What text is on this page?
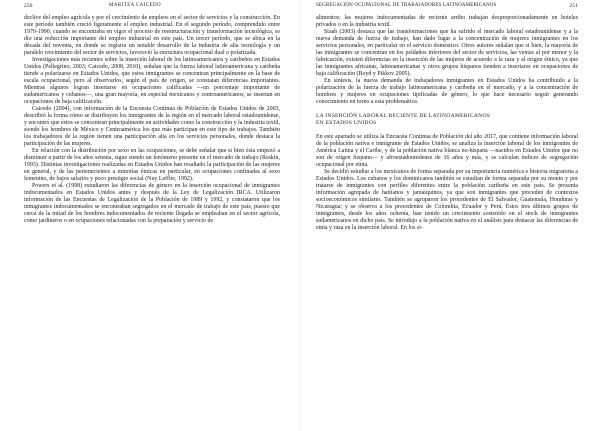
250	MARITZA CAICEDO

declive del empleo agrícola y por el crecimiento de empleos en el sector de servicios y la construcción. En este período también creció ligeramente el empleo industrial. En el segundo período, comprendido entre 1970-1990, cuando se encontraba en vigor el proceso de reestructuración y transformación tecnológica, se dio una reducción importante del empleo industrial en este país. Un tercer período, que se ubica en la década del noventa, en donde se registra un notable desarrollo de la industria de alta tecnología y un paralelo crecimiento del sector de servicios, favoreció la estructura ocupacional dual o polarizada.

Investigaciones más recientes sobre la inserción laboral de los latinoamericanos y caribeños en Estados Unidos (Pellegrino, 2003; Caicedo, 2008, 2010), señalan que la fuerza laboral latinoamericana y caribeña tiende a polarizarse en Estados Unidos, que estos inmigrantes se concentran principalmente en la base de escala ocupacional, pero al observarlos, según el país de origen, se constatan diferencias importantes. Mientras algunos logran insertarse en ocupaciones calificadas —un porcentaje importante de sudamericanos y cubanos—, una gran mayoría, en especial mexicanos y centroamericanos, se insertan en ocupaciones de baja calificación.

Caicedo (2004), con información de la Encuesta Continua de Población de Estados Unidos de 2003, describió la forma cómo se distribuyen los inmigrantes de la región en el mercado laboral estadounidense, y encontró que éstos se concentran principalmente en actividades como la construcción y la industria textil, siendo los hombres de México y Centroamérica los que más participan en este tipo de trabajos. También los trabajadores de la región tienen una participación alta en los servicios personales, donde destaca la participación de las mujeres.

En relación con la distribución por sexo en las ocupaciones, se debe señalar que si bien ésta empezó a disminuir a partir de los años setenta, sigue siendo un fenómeno presente en el mercado de trabajo (Reskin, 1993). Distintas investigaciones realizadas en Estados Unidos han resaltado la participación de las mujeres en general, y de las pertenecientes a minorías étnicas en particular, en ocupaciones confinadas al sexo femenino, de bajos salarios y poco prestigio social (Nuy Leffler, 1992).

Powers et al. (1998) estudiaron las diferencias de género en la inserción ocupacional de inmigrantes indocumentados en Estados Unidos antes y después de la Ley de Legalización IRCA. Utilizaron información de las Encuestas de Legalización de la Población de 1989 y 1992, y constataron que los inmigrantes indocumentados se encontraban segregados en el mercado de trabajo de este país, puesto que cerca de la mitad de los hombres indocumentados de reciente llegada se empleaban en el sector agrícola, como jardineros o en ocupaciones relacionadas con la preparación y servicio de

SEGREGACIÓN OCUPACIONAL DE TRABAJADORES LATINOAMERICANOS	251

alimentos; las mujeres indocumentadas de reciente arribo trabajan desproporcionadamente en hoteles privados o en la industria textil.

Staab (2003) destaca que las transformaciones que ha sufrido el mercado laboral estadounidense y a la nueva demanda de fuerza de trabajo, han dado lugar a la concentración de mujeres inmigrantes en los servicios personales, en particular en el servicio doméstico. Otros autores señalan que si bien, la mayoría de las inmigrantes se concentran en los peldaños inferiores del sector de servicios, las ventas al por menor y la fabricación, existen diferencias en la inserción de las mujeres de acuerdo a la raza y al origen étnico, ya que las inmigrantes africanas, latinoamericanas y otros grupos hispanos tienden a insertarse en ocupaciones de baja calificación (Boyd y Pikkov 2005).

En síntesis, la nueva demanda de trabajadores inmigrantes en Estados Unidos ha contribuido a la polarización de la fuerza de trabajo latinoamericana y caribeña en el mercado, y a la concentración de hombres y mujeres en ocupaciones tipificadas de género, lo que hace necesario seguir generando conocimiento en torno a esta problemática.

LA INSERCIÓN LABORAL RECIENTE DE LATINOAMERICANOS
EN ESTADOS UNIDOS

En este apartado se utiliza la Encuesta Continua de Población del año 2017, que contiene información laboral de la población nativa e inmigrante de Estados Unidos, se analiza la inserción laboral de los inmigrantes de América Latina y el Caribe, y de la población nativa blanca no-hispana —nacidos en Estados Unidos que no son de origen hispano— y afroestadounidense de 16 años y más, y se calculan índices de segregación ocupacional por etnia.

Se decidió estudiar a los mexicanos de forma separada por su importancia numérica e historia migratoria a Estados Unidos. Los cubanos y los dominicanos también se estudian de forma separada por su monto y por tratarse de inmigrantes con perfiles diferentes entre la población caribeña en este país. Se presenta información agrupada de haitianos y jamaiquinos, ya que son inmigrantes que proceden de contextos socioeconómicos similares. También se agruparon los procedentes de El Salvador, Guatemala, Honduras y Nicaragua; y se observa a los procedentes de Colombia, Ecuador y Perú. Estos tres últimos grupos de inmigrantes, desde los años ochenta, han tenido un crecimiento sostenido en el stock de inmigrantes sudamericanos en dicho país. Se introdujo a la población nativa en el análisis para destacar las diferencias de etnia y raza en la inserción laboral. En los si-
